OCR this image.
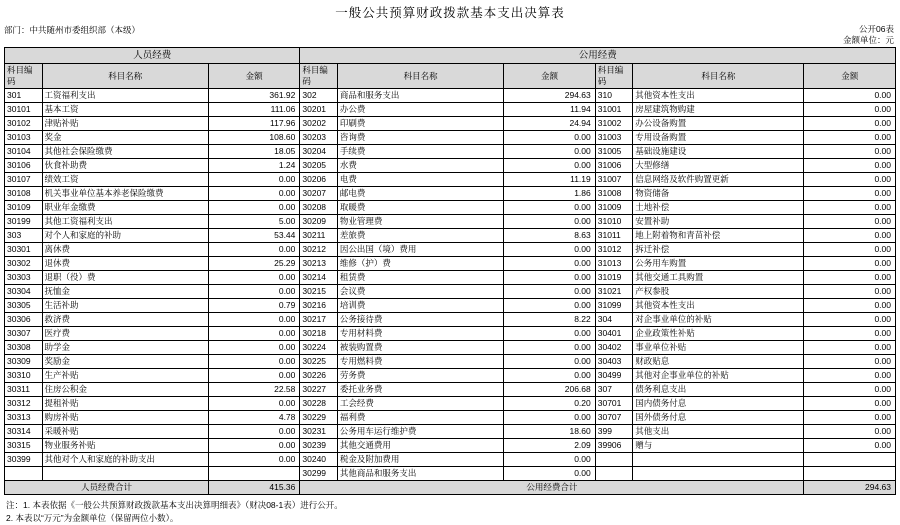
一般公共预算财政拨款基本支出决算表
部门：中共随州市委组织部（本级）	公开06表
金额单位：元
人员经费			公用经费					

科目编
码	科目名称	金额	科目编
码	科目名称	金额	科目编
码	科目名称	金额
301	工资福利支出	361.92	302	商品和服务支出	294.63	310	其他资本性支出	0.00
30101	基本工资	111.06	30201	办公费	11.94	31001	房屋建筑物购建	0.00
30102	津贴补贴	117.96	30202	印刷费	24.94	31002	办公设备购置	0.00
30103	奖金	108.60	30203	咨询费	0.00	31003	专用设备购置	0.00
30104	其他社会保险缴费	18.05	30204	手续费	0.00	31005	基础设施建设	0.00
30106	伙食补助费	1.24	30205	水费	0.00	31006	大型修缮	0.00
30107	绩效工资	0.00	30206	电费	11.19	31007	信息网络及软件购置更新	0.00
30108	机关事业单位基本养老保险缴费	0.00	30207	邮电费	1.86	31008	物资储备	0.00
30109	职业年金缴费	0.00	30208	取暖费	0.00	31009	土地补偿	0.00
30199	其他工资福利支出	5.00	30209	物业管理费	0.00	31010	安置补助	0.00
303	对个人和家庭的补助	53.44	30211	差旅费	8.63	31011	地上附着物和青苗补偿	0.00
30301	离休费	0.00	30212	因公出国（境）费用	0.00	31012	拆迁补偿	0.00
30302	退休费	25.29	30213	维修（护）费	0.00	31013	公务用车购置	0.00
30303	退职（役）费	0.00	30214	租赁费	0.00	31019	其他交通工具购置	0.00
30304	抚恤金	0.00	30215	会议费	0.00	31021	产权参股	0.00
30305	生活补助	0.79	30216	培训费	0.00	31099	其他资本性支出	0.00
30306	救济费	0.00	30217	公务接待费	8.22	304	对企事业单位的补贴	0.00
30307	医疗费	0.00	30218	专用材料费	0.00	30401	企业政策性补贴	0.00
30308	助学金	0.00	30224	被装购置费	0.00	30402	事业单位补贴	0.00
30309	奖励金	0.00	30225	专用燃料费	0.00	30403	财政贴息	0.00
30310	生产补贴	0.00	30226	劳务费	0.00	30499	其他对企事业单位的补贴	0.00
30311	住房公积金	22.58	30227	委托业务费	206.68	307	债务利息支出	0.00
30312	提租补贴	0.00	30228	工会经费	0.20	30701	国内债务付息	0.00
30313	购房补贴	4.78	30229	福利费	0.00	30707	国外债务付息	0.00
30314	采暖补贴	0.00	30231	公务用车运行维护费	18.60	399	其他支出	0.00
30315	物业服务补贴	0.00	30239	其他交通费用	2.09	39906	赠与	0.00
30399	其他对个人和家庭的补助支出	0.00	30240	税金及附加费用	0.00			
			30299	其他商品和服务支出	0.00			
人员经费合计		415.36	公用经费合计					294.63
注：1. 本表依据《一般公共预算财政拨款基本支出决算明细表》（财决08-1表）进行公开。
2. 本表以“万元”为金额单位（保留两位小数）。
